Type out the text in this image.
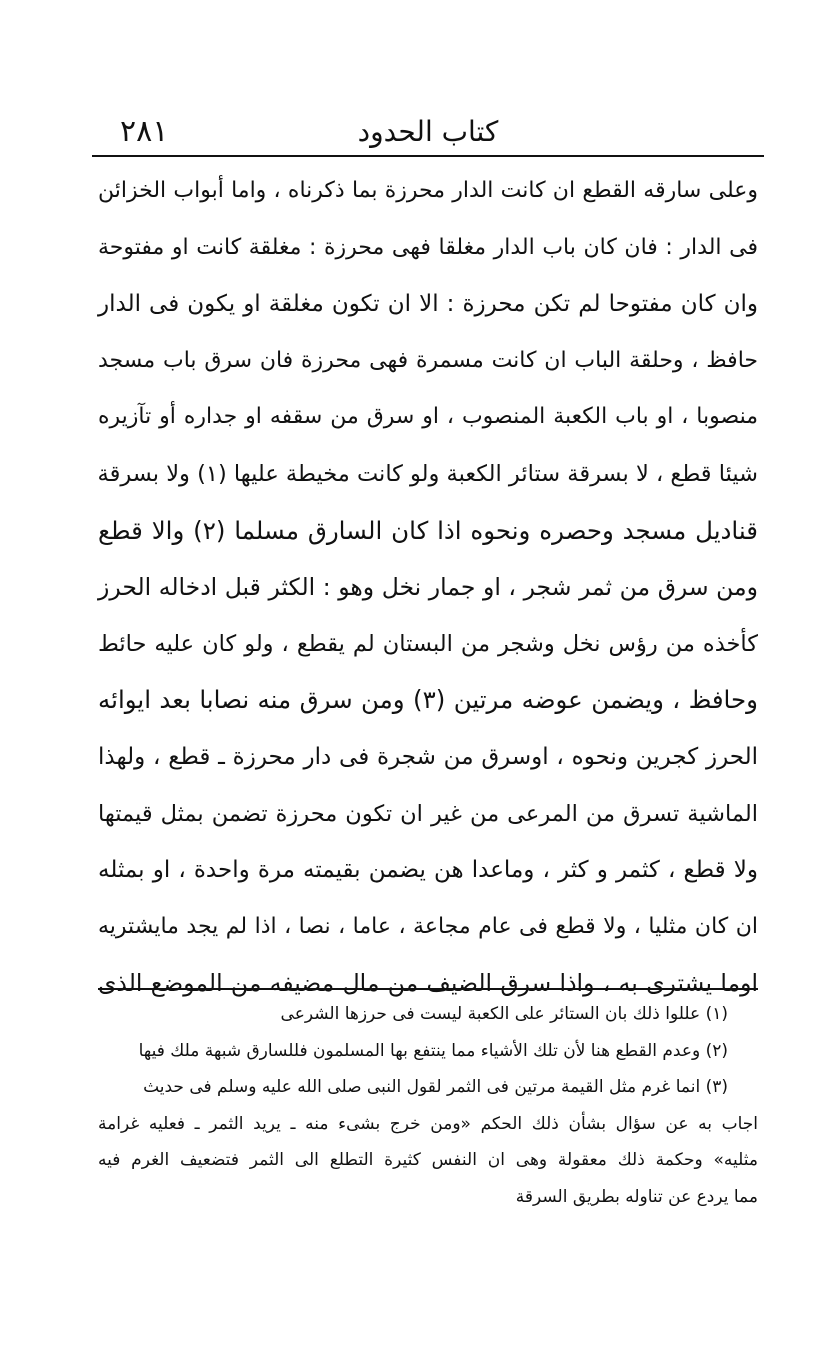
كتاب الحدود
٢٨١
وعلى سارقه القطع ان كانت الدار محرزة بما ذكرناه ، واما أبواب الخزائن
فى الدار : فان كان باب الدار مغلقا فهى محرزة : مغلقة كانت او مفتوحة
وان كان مفتوحا لم تكن محرزة : الا ان تكون مغلقة او يكون فى الدار
حافظ ، وحلقة الباب ان كانت مسمرة فهى محرزة فان سرق باب مسجد
منصوبا ، او باب الكعبة المنصوب ، او سرق من سقفه او جداره أو تآزيره
شيئا قطع ، لا بسرقة ستائر الكعبة ولو كانت مخيطة عليها (١) ولا بسرقة
قناديل مسجد وحصره ونحوه اذا كان السارق مسلما (٢) والا قطع
ومن سرق من ثمر شجر ، او جمار نخل وهو : الكثر قبل ادخاله الحرز
كأخذه من رؤس نخل وشجر من البستان لم يقطع ، ولو كان عليه حائط
وحافظ ، ويضمن عوضه مرتين (٣) ومن سرق منه نصابا بعد ايوائه
الحرز كجرين ونحوه ، اوسرق من شجرة فى دار محرزة ـ قطع ، ولهذا
الماشية تسرق من المرعى من غير ان تكون محرزة تضمن بمثل قيمتها
ولا قطع ، كثمر و كثر ، وماعدا هن يضمن بقيمته مرة واحدة ، او بمثله
ان كان مثليا ، ولا قطع فى عام مجاعة ، عاما ، نصا ، اذا لم يجد مايشتريه
اوما يشترى به ، واذا سرق الضيف من مال مضيفه من الموضع الذى
(١) عللوا ذلك بان الستائر على الكعبة ليست فى حرزها الشرعى
(٢) وعدم القطع هنا لأن تلك الأشياء مما ينتفع بها المسلمون فللسارق شبهة ملك فيها
(٣) انما غرم مثل القيمة مرتين فى الثمر لقول النبى صلى الله عليه وسلم فى حديث
اجاب به عن سؤال بشأن ذلك الحكم «ومن خرج بشىء منه ـ يريد الثمر ـ فعليه غرامة
مثليه» وحكمة ذلك معقولة وهى ان النفس كثيرة التطلع الى الثمر فتضعيف الغرم فيه
مما يردع عن تناوله بطريق السرقة
